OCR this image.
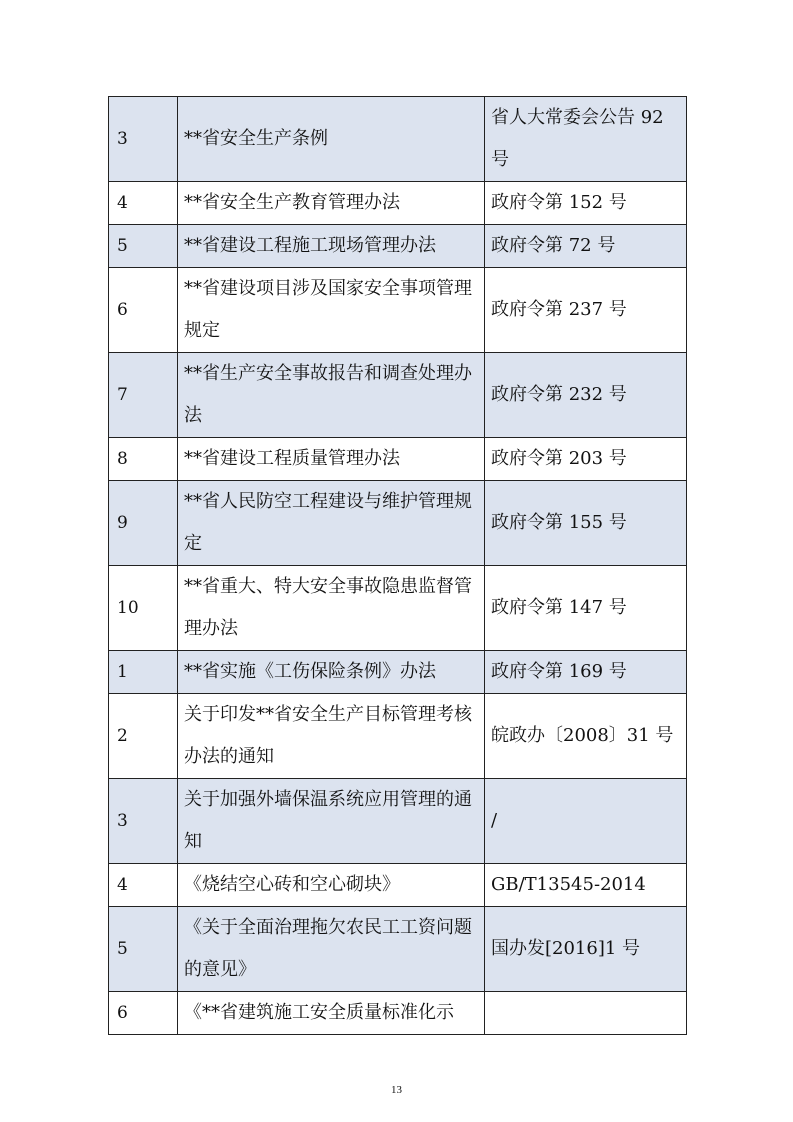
3	**省安全生产条例	省人大常委会公告 92 号
4	**省安全生产教育管理办法	政府令第 152 号
5	**省建设工程施工现场管理办法	政府令第 72 号
6	**省建设项目涉及国家安全事项管理规定	政府令第 237 号
7	**省生产安全事故报告和调查处理办法	政府令第 232 号
8	**省建设工程质量管理办法	政府令第 203 号
9	**省人民防空工程建设与维护管理规定	政府令第 155 号
10	**省重大、特大安全事故隐患监督管理办法	政府令第 147 号
1	**省实施《工伤保险条例》办法	政府令第 169 号
2	关于印发**省安全生产目标管理考核办法的通知	皖政办〔2008〕31 号
3	关于加强外墙保温系统应用管理的通知	/
4	《烧结空心砖和空心砌块》	GB/T13545-2014
5	《关于全面治理拖欠农民工工资问题的意见》	国办发[2016]1 号
6	《**省建筑施工安全质量标准化示	
13
